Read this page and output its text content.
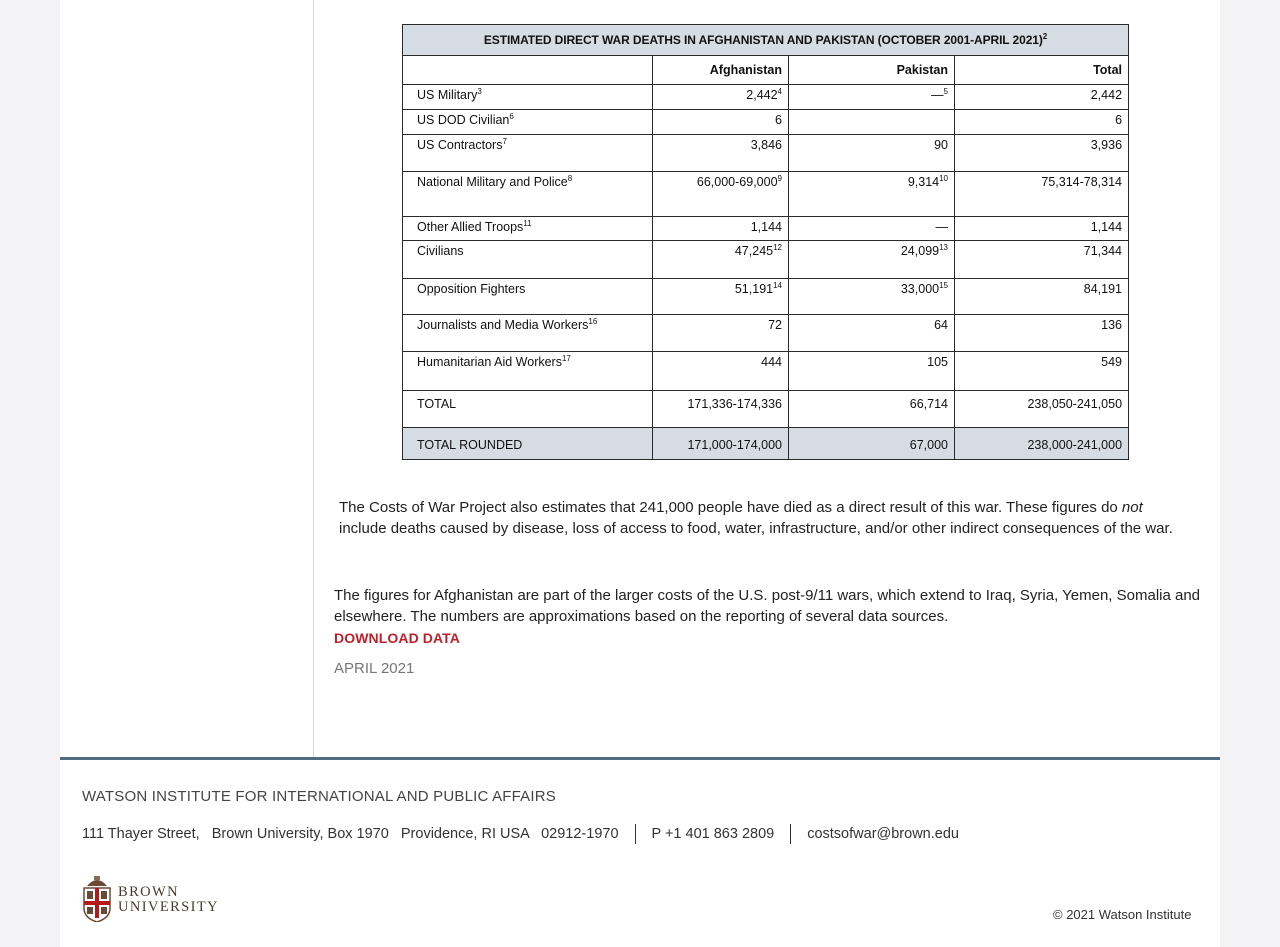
ESTIMATED DIRECT WAR DEATHS IN AFGHANISTAN AND PAKISTAN (OCTOBER 2001-APRIL 2021)$^2$
	Afghanistan	Pakistan	Total
US Military$^3$	2,442$^4$	—$^5$	2,442
US DOD Civilian$^6$	6		6
US Contractors$^7$	3,846	90	3,936
National Military and Police$^8$	66,000-69,000$^9$	9,314$^{10}$	75,314-78,314
Other Allied Troops$^{11}$	1,144	—	1,144
Civilians	47,245$^{12}$	24,099$^{13}$	71,344
Opposition Fighters	51,191$^{14}$	33,000$^{15}$	84,191
Journalists and Media Workers$^{16}$	72	64	136
Humanitarian Aid Workers$^{17}$	444	105	549
TOTAL	171,336-174,336	66,714	238,050-241,050
TOTAL ROUNDED	171,000-174,000	67,000	238,000-241,000

The Costs of War Project also estimates that 241,000 people have died as a direct result of this war. These figures do not include deaths caused by disease, loss of access to food, water, infrastructure, and/or other indirect consequences of the war.

The figures for Afghanistan are part of the larger costs of the U.S. post-9/11 wars, which extend to Iraq, Syria, Yemen, Somalia and elsewhere. The numbers are approximations based on the reporting of several data sources.

DOWNLOAD DATA
APRIL 2021
WATSON INSTITUTE FOR INTERNATIONAL AND PUBLIC AFFAIRS
111 Thayer Street,   Brown University, Box 1970   Providence, RI USA   02912-1970 P +1 401 863 2809 costsofwar@brown.edu
BROWN
UNIVERSITY	© 2021 Watson Institute
